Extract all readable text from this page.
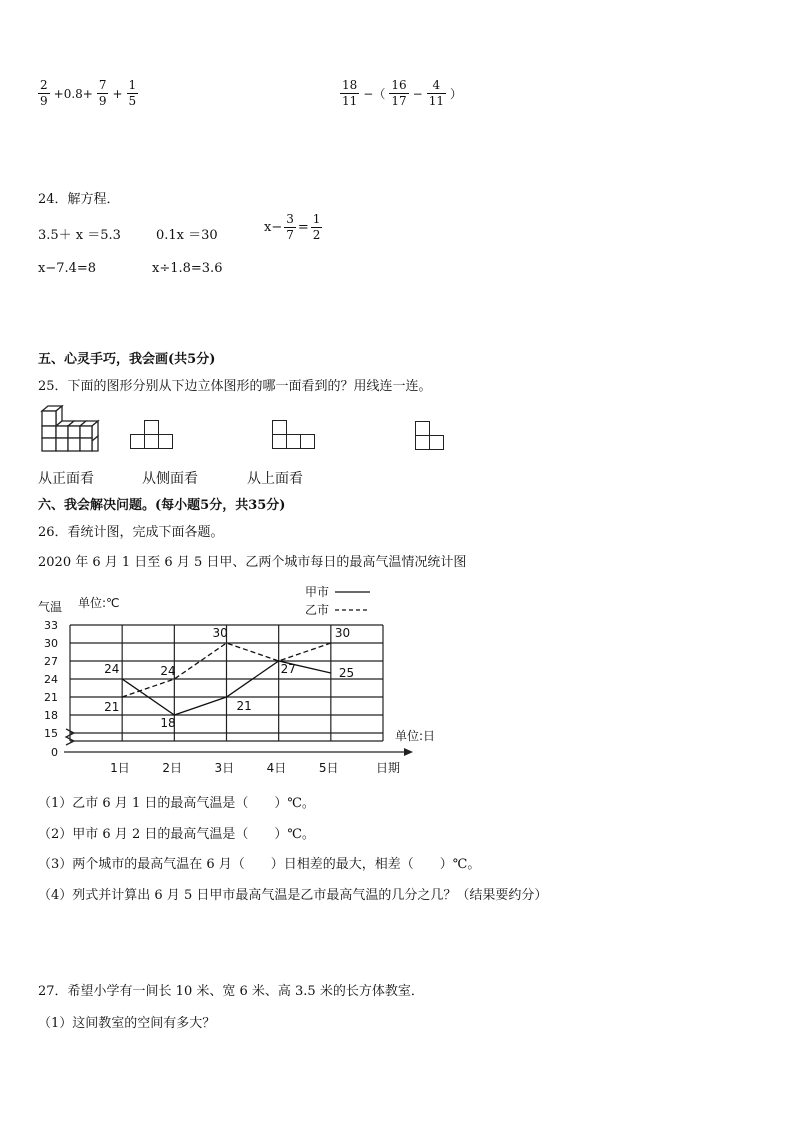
$\frac{2}{9} +0.8+ \frac{7}{9} + \frac{1}{5}$	$\frac{18}{11}$ −（ $\frac{16}{17} - \frac{4}{11}$ ）
24．解方程．
3.5＋ x ＝5.3	0.1x ＝30
$x- \frac{3}{7} = \frac{1}{2}$
x−7.4=8	x÷1.8=3.6
五、心灵手巧，我会画(共5分)
25．下面的图形分别从下边立体图形的哪一面看到的？用线连一连。
从正面看	从侧面看	从上面看
六、我会解决问题。(每小题5分，共35分)
26．看统计图，完成下面各题。
2020 年 6 月 1 日至 6 月 5 日甲、乙两个城市每日的最高气温情况统计图
0
15
18
21
24
27
30
33
气温 单位:℃
单位:日
日期
1日	2日	3日	4日	5日
24
18
21
27	25
21
24
30	30
甲市
乙市
（1）乙市 6 月 1 日的最高气温是（　　）℃。
（2）甲市 6 月 2 日的最高气温是（　　）℃。
（3）两个城市的最高气温在 6 月（　　）日相差的最大，相差（　　）℃。
（4）列式并计算出 6 月 5 日甲市最高气温是乙市最高气温的几分之几？（结果要约分）
27．希望小学有一间长 10 米、宽 6 米、高 3.5 米的长方体教室．
（1）这间教室的空间有多大？
